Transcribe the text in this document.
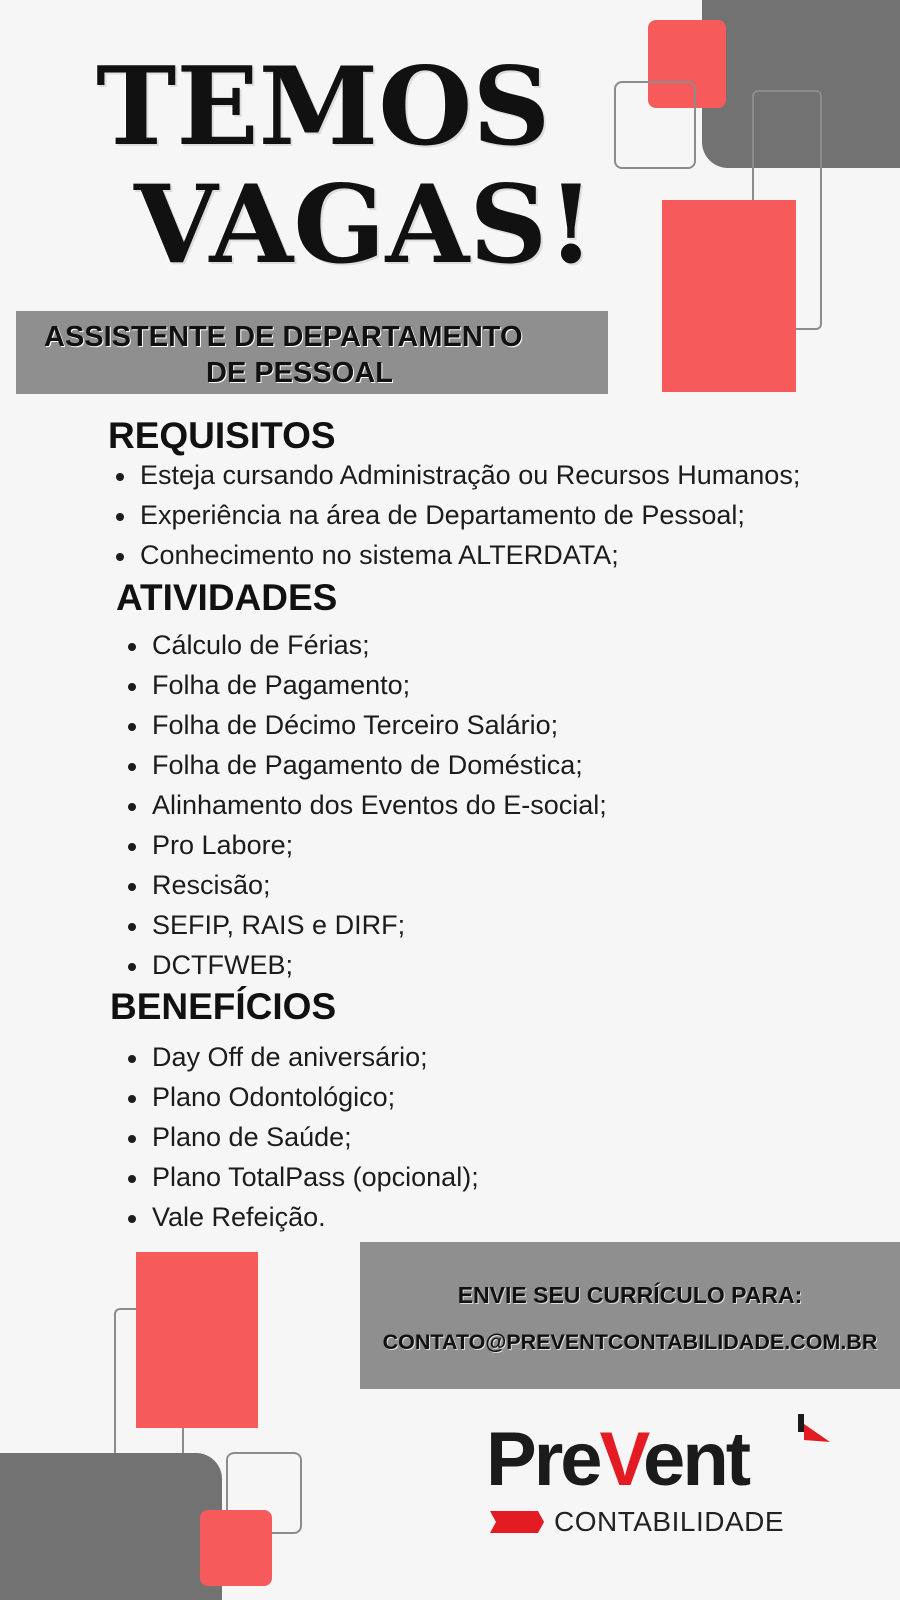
TEMOS
VAGAS!
ASSISTENTE DE DEPARTAMENTO
DE PESSOAL
REQUISITOS
Esteja cursando Administração ou Recursos Humanos;
Experiência na área de Departamento de Pessoal;
Conhecimento no sistema ALTERDATA;
ATIVIDADES
Cálculo de Férias;
Folha de Pagamento;
Folha de Décimo Terceiro Salário;
Folha de Pagamento de Doméstica;
Alinhamento dos Eventos do E-social;
Pro Labore;
Rescisão;
SEFIP, RAIS e DIRF;
DCTFWEB;
BENEFÍCIOS
Day Off de aniversário;
Plano Odontológico;
Plano de Saúde;
Plano TotalPass (opcional);
Vale Refeição.
ENVIE SEU CURRÍCULO PARA:
CONTATO@PREVENTCONTABILIDADE.COM.BR
PreVent
CONTABILIDADE
